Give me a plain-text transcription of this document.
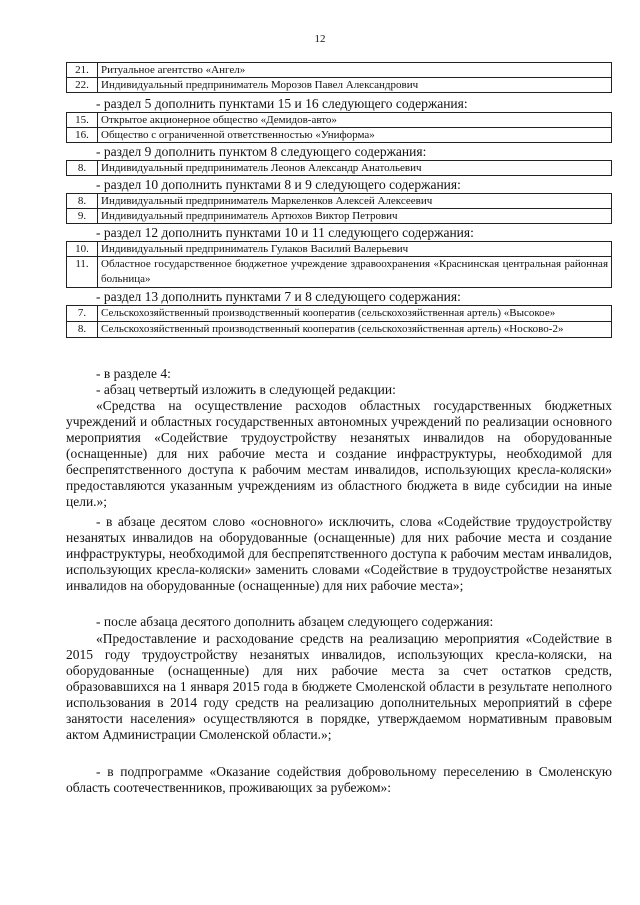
12
21.	Ритуальное агентство «Ангел»
22.	Индивидуальный предприниматель Морозов Павел Александрович
- раздел 5 дополнить пунктами 15 и 16 следующего содержания:
15.	Открытое акционерное общество «Демидов-авто»
16.	Общество с ограниченной ответственностью «Униформа»
- раздел 9 дополнить пунктом 8 следующего содержания:
8.	Индивидуальный предприниматель Леонов Александр Анатольевич
- раздел 10 дополнить пунктами 8 и 9 следующего содержания:
8.	Индивидуальный предприниматель Маркеленков Алексей Алексеевич
9.	Индивидуальный предприниматель Артюхов Виктор Петрович
- раздел 12 дополнить пунктами 10 и 11 следующего содержания:
10.	Индивидуальный предприниматель Гулаков Василий Валерьевич
11.	Областное государственное бюджетное учреждение здравоохранения «Краснинская центральная районная больница»
- раздел 13 дополнить пунктами 7 и 8 следующего содержания:
7.	Сельскохозяйственный производственный кооператив (сельскохозяйственная артель) «Высокое»
8.	Сельскохозяйственный производственный кооператив (сельскохозяйственная артель) «Носково-2»
- в разделе 4:
- абзац четвертый изложить в следующей редакции:
«Средства на осуществление расходов областных государственных бюджетных учреждений и областных государственных автономных учреждений по реализации основного мероприятия «Содействие трудоустройству незанятых инвалидов на оборудованные (оснащенные) для них рабочие места и создание инфраструктуры, необходимой для беспрепятственного доступа к рабочим местам инвалидов, использующих кресла-коляски» предоставляются указанным учреждениям из областного бюджета в виде субсидии на иные цели.»;
- в абзаце десятом слово «основного» исключить, слова «Содействие трудоустройству незанятых инвалидов на оборудованные (оснащенные) для них рабочие места и создание инфраструктуры, необходимой для беспрепятственного доступа к рабочим местам инвалидов, использующих кресла-коляски» заменить словами «Содействие в трудоустройстве незанятых инвалидов на оборудованные (оснащенные) для них рабочие места»;
- после абзаца десятого дополнить абзацем следующего содержания:
«Предоставление и расходование средств на реализацию мероприятия «Содействие в 2015 году трудоустройству незанятых инвалидов, использующих кресла-коляски, на оборудованные (оснащенные) для них рабочие места за счет остатков средств, образовавшихся на 1 января 2015 года в бюджете Смоленской области в результате неполного использования в 2014 году средств на реализацию дополнительных мероприятий в сфере занятости населения» осуществляются в порядке, утверждаемом нормативным правовым актом Администрации Смоленской области.»;
- в подпрограмме «Оказание содействия добровольному переселению в Смоленскую область соотечественников, проживающих за рубежом»:
